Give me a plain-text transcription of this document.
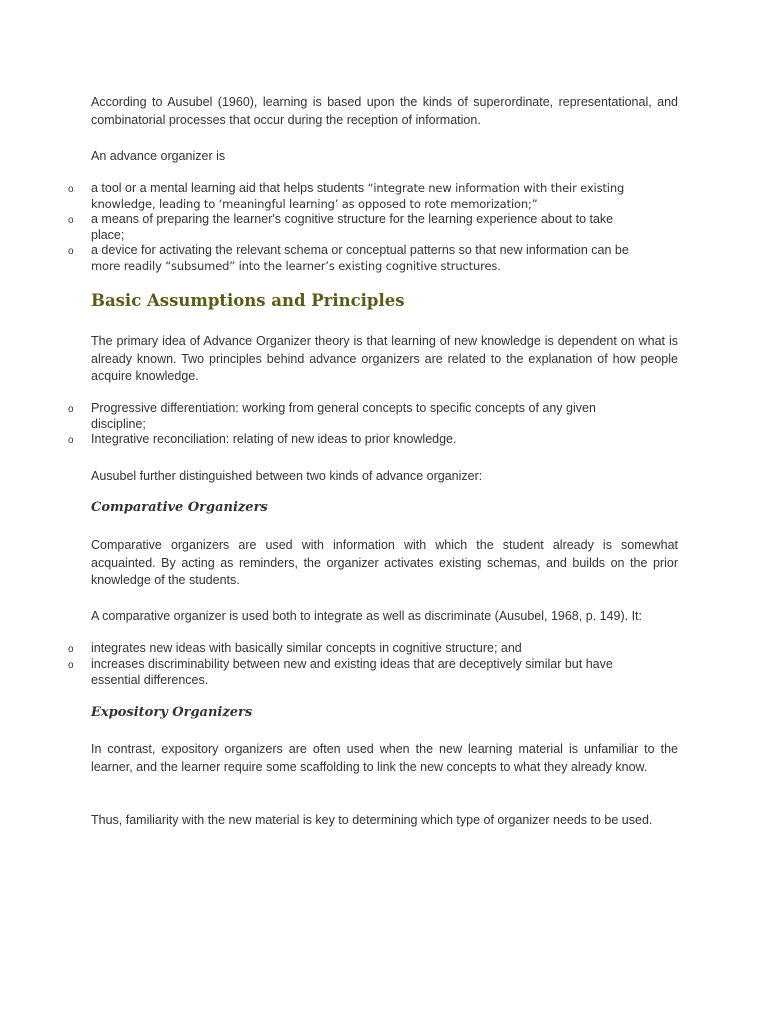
According to Ausubel (1960), learning is based upon the kinds of superordinate, representational, and combinatorial processes that occur during the reception of information.

An advance organizer is

o a tool or a mental learning aid that helps students “integrate new information with their existing
knowledge, leading to ‘meaningful learning’ as opposed to rote memorization;”
o a means of preparing the learner's cognitive structure for the learning experience about to take
place;
o a device for activating the relevant schema or conceptual patterns so that new information can be
more readily “subsumed” into the learner’s existing cognitive structures.
Basic Assumptions and Principles

The primary idea of Advance Organizer theory is that learning of new knowledge is dependent on what is already known. Two principles behind advance organizers are related to the explanation of how people acquire knowledge.

o Progressive differentiation: working from general concepts to specific concepts of any given
discipline;
o Integrative reconciliation: relating of new ideas to prior knowledge.

Ausubel further distinguished between two kinds of advance organizer:

Comparative Organizers

Comparative organizers are used with information with which the student already is somewhat acquainted. By acting as reminders, the organizer activates existing schemas, and builds on the prior knowledge of the students.

A comparative organizer is used both to integrate as well as discriminate (Ausubel, 1968, p. 149). It:

o integrates new ideas with basically similar concepts in cognitive structure; and
o increases discriminability between new and existing ideas that are deceptively similar but have
essential differences.
Expository Organizers

In contrast, expository organizers are often used when the new learning material is unfamiliar to the learner, and the learner require some scaffolding to link the new concepts to what they already know.

Thus, familiarity with the new material is key to determining which type of organizer needs to be used.
